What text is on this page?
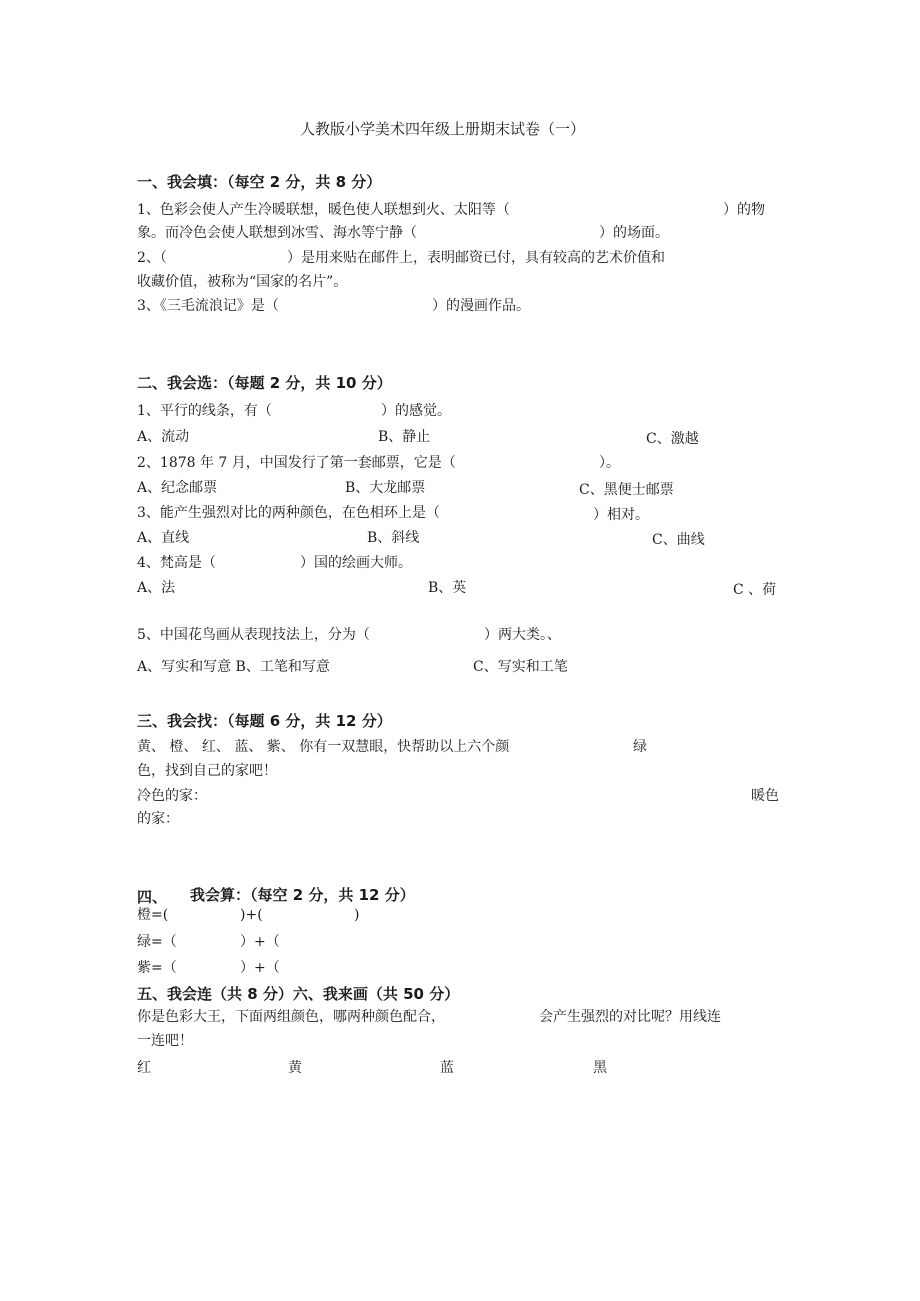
人教版小学美术四年级上册期末试卷（一）
一、我会填：（每空 2 分，共 8 分）
1、色彩会使人产生冷暖联想，暖色使人联想到火、太阳等（	）的物
象。而冷色会使人联想到冰雪、海水等宁静（	）的场面。
2、（	）是用来贴在邮件上，表明邮资已付，具有较高的艺术价值和
收藏价值，被称为“国家的名片”。
3、《三毛流浪记》是（	）的漫画作品。
二、我会选：（每题 2 分，共 10 分）
1、平行的线条，有（	）的感觉。
A、流动	B、静止	C、激越
2、1878 年 7 月，中国发行了第一套邮票，它是（	）。
A、纪念邮票	B、大龙邮票	C、黑便士邮票
3、能产生强烈对比的两种颜色，在色相环上是（	）相对。
A、直线	B、斜线	C、曲线
4、梵高是（	）国的绘画大师。
A、法	B、英	C 、荷
5、中国花鸟画从表现技法上，分为（	）两大类。、
A、写实和写意 B、工笔和写意	C、写实和工笔
三、我会找：（每题 6 分，共 12 分）
黄、 橙、 红、 蓝、 紫、 你有一双慧眼，快帮助以上六个颜	绿
色，找到自己的家吧！
冷色的家：	暖色
的家：
四、 我会算：（每空 2 分，共 12 分）
橙=(	)+(	)
绿=（	）+（
紫=（	）+（
五、我会连（共 8 分）六、我来画（共 50 分）
你是色彩大王，下面两组颜色，哪两种颜色配合，	会产生强烈的对比呢？用线连
一连吧！
红	黄	蓝	黑
